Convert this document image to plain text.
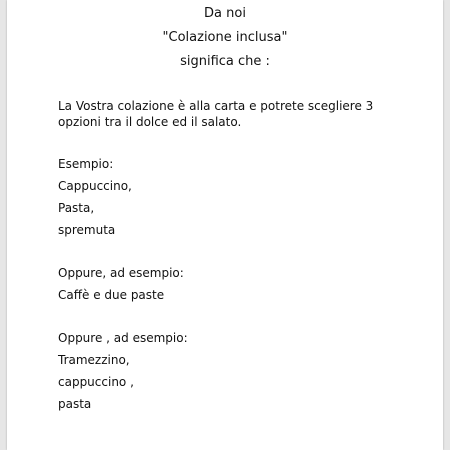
Da noi
"Colazione inclusa"
significa che :
La Vostra colazione è alla carta e potrete scegliere 3
opzioni tra il dolce ed il salato.
Esempio:
Cappuccino,
Pasta,
spremuta
Oppure, ad esempio:
Caffè e due paste
Oppure , ad esempio:
Tramezzino,
cappuccino ,
pasta
